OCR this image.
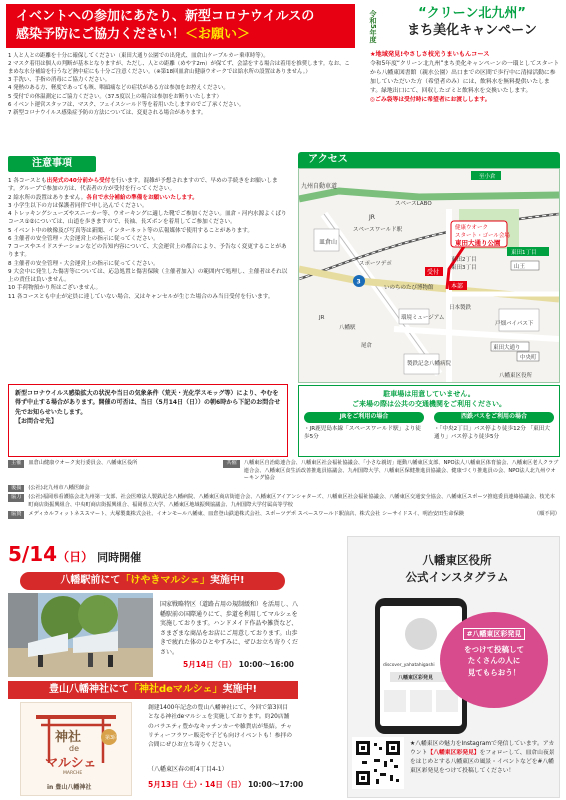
イベントへの参加にあたり、新型コロナウイルスの
感染予防にご協力ください！＜お願い＞
1 人と人との距離を十分に確保してください（東田大通り公園での出発式、皿倉山ケーブルカー乗車時等）。
2 マスク着用は個人の判断が基本となりますが、ただし、人との距離（めやす2m）が保てず、会話をする場合は着用を推奨します。なお、こまめな水分補給を行うなど熱中症にも十分ご注意ください。（※第18回皿倉山健康ウオークでは給水所の設置はありません。）
3 手洗い、手指の消毒にご協力ください。
4 発熱のある方、軽度であっても咳、咽頭痛などの症状がある方は参加をお控えください。
5 受付での体温測定にご協力ください。（37.5度以上の場合は参加をお断りいたします）
6 イベント運営スタッフは、マスク、フェイスシールド等を着用いたしますのでご了承ください。
7 新型コロナウイルス感染症予防の方法については、変更される場合があります。
注意事項
1 各コースとも出発式の40分前から受付を行います。混雑が予想されますので、早めの手続きをお願いします。グループで参加の方は、代表者の方が受付を行ってください。
2 給水所の設置はありません。各自で水分補給の準備をお願いいたします。
3 小学生以下の方は保護者同伴で申し込んでください。
4 トレッキングシューズやスニーカー等、ウオーキングに適した靴でご参加ください。皿倉・河内水源よくばりコース①②については、山道を歩きますので、長袖、長ズボンを着用してご参加ください。
5 イベント中の映像及び写真等は新聞、インターネット等の広報媒体で使用することがあります。
6 主催者の安全管理・大会運営上の指示に従ってください。
7 コースやエイドステーションなどの告知内容について、大会運営上の都合により、予告なく変更することがあります。
8 主催者の安全管理・大会運営上の指示に従ってください。
9 大会中に発生した傷害等については、応急処置と傷害保険（主催者加入）の範囲内で処理し、主催者はそれ以上の責任は負いません。
10 手荷物預かり所はございません。
11 各コースとも中止が定員に達していない場合、又はキャンセルが生じた場合のみ当日受付を行います。
新型コロナウイルス感染拡大の状況や当日の気象条件（荒天・光化学スモッグ等）により、やむを得ず中止する場合があります。開催の可否は、当日（5月14日（日））の朝6時から下記のお問合せ先でお知らせいたします。
【お問合せ先】
令和5年度	“クリーン北九州”
まち美化キャンペーン
★地域発見!やさしさ枝光うまいもんコース
令和5年度“クリーン北九州”まち美化キャンペーンの一環としてスタートから八幡東図書館（親水公園）出口までの区間で歩行中に清掃活動に参加していただいた方（希望者のみ）には、飲料水を無料提供いたします。緑地出口にて、回収したゴミと飲料水を交換いたします。
◎ごみ袋等は受付時に希望者にお渡しします。
アクセス
皿倉山
九州自動車道
JR
スペースLABO
スペースワールド駅
至小倉
健康ウオーク
スタート・ゴール会場
東田大通り公園
東田1丁目
東田2丁目
東田3丁目
受付
本部
いのちのたび博物館
スポーツデポ	山王
環境ミュージアム
製鉄記念八幡病院
八幡駅
東田大通り
3
戸畑バイパス下
中央町
八幡東区役所
JR
尾倉
日本製鉄
駐車場は用意していません。
ご来場の際は公共の交通機関をご利用ください。
JRをご利用の場合
・JR鹿児島本線「スペースワールド駅」より徒歩5分
西鉄バスをご利用の場合
・「中央2丁目」バス停より徒歩12分 「東田大通り」バス停より徒歩5分
主催	皿倉山健康ウオーク実行委員会、八幡東区役所	共催	八幡東区自治総連合会、八幡東区社会福祉協議会、「小さな親切」運動八幡東区支部、NPO法人八幡東区体育協会、八幡東区老人クラブ連合会、八幡東区食生活改善推進員協議会、九州国際大学、八幡東区保健推進員協議会、健康づくり推進員の会、NPO法人北九州ウオーキング協会
後援	(公社)北九州市八幡医師会
協力	(公社)福岡県看護協会北九州第一支部、社会医療法人製鉄記念八幡病院、八幡東区商店街連合会、八幡東区アイアンシャターズ、八幡東区社会福祉協議会、八幡東区交通安全協会、八幡東区スポーツ推進委員連絡協議会、枝光本町商店街振興組合、中央町商店街振興組合、福岡県立大学、八幡東区地域振興協議会、九州国際大学付属高等学校
協賛	メディカルフィットネススマート、大塚製薬株式会社、イオンモール八幡東、皿倉登山鉄道株式会社、スポーツデポ スペースワールド駅前店、株式会社 シーサイドスイ、明治安田生命保険	（順不同）
5/14（日） 同時開催
八幡駅前にて「けやきマルシェ」実施中!
国家戦略特区（道路占用の規制緩和）を活用し、八幡駅前の国際通りにて、歩道を利用してマルシェを実施しております。ハンドメイド作品や雑貨など、さまざまな商品をお店にご用意しております。山歩きで疲れた体のひとやすみに、ぜひお立ち寄りください。
5月14日（日） 10:00～16:00
豊山八幡神社にて「神社deマルシェ」実施中!
第3回
神社
de
マルシェ
MARCHE
in 豊山八幡神社
創建1400年記念の豊山八幡神社にて、今回で第3回目となる神社deマルシェを実施しております。約20店舗のバラエティ豊かなキッチンカーや雑貨店が集結。チャリティーフラワー販売や子ども向けイベントも！参拝の合間にぜひお立ち寄りください。
（八幡東区春の町4丁目4-1）
5月13日（土）・14日（日） 10:00～17:00
八幡東区役所
公式インスタグラム
discover_yahatahigashi
八幡東区彩発見
#八幡東区彩発見
をつけて投稿して
たくさんの人に
見てもらおう！
★八幡東区の魅力をInstagramで発信しています。アカウント【八幡東区彩発見】をフォローして、皿倉山夜景をはじめとする八幡東区の風景・イベントなどを#八幡東区彩発見をつけて投稿してください！
